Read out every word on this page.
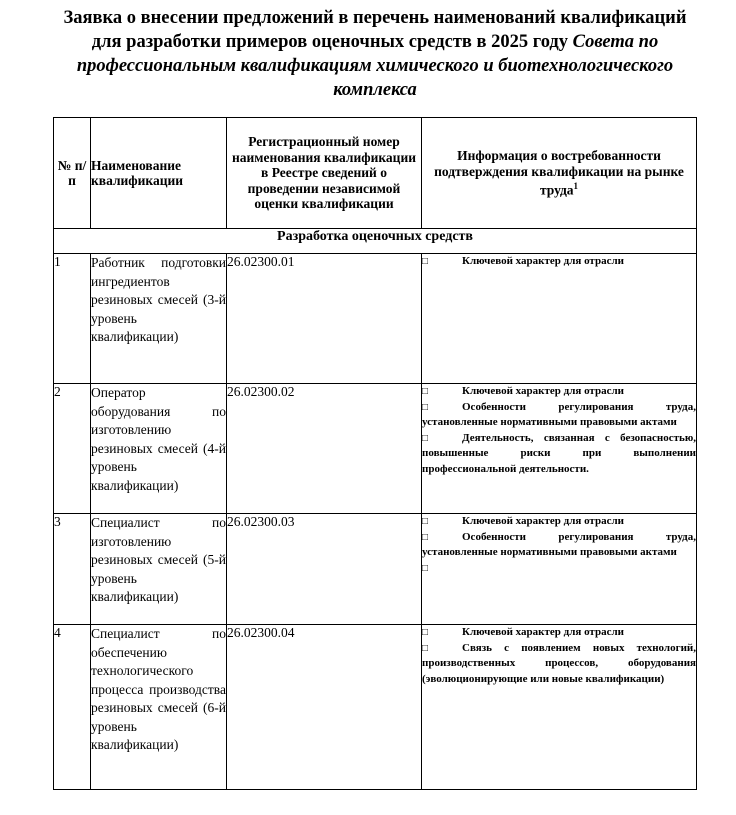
Заявка о внесении предложений в перечень наименований квалификаций
для разработки примеров оценочных средств в 2025 году Совета по
профессиональным квалификациям химического и биотехнологического
комплекса
№ п/п	Наименование квалификации	Регистрационный номер наименования квалификации в Реестре сведений о проведении независимой оценки квалификации	Информация о востребованности подтверждения квалификации на рынке труда$^1$
Разработка оценочных средств			
1	Работник подготовки ингредиентов резиновых смесей (3-й уровень квалификации)	26.02300.01	□ Ключевой характер для отрасли

2	Оператор оборудования по изготовлению резиновых смесей (4-й уровень квалификации)	26.02300.02	□ Ключевой характер для отрасли
□ Особенности регулирования труда, установленные нормативными правовыми актами
□ Деятельность, связанная с безопасностью, повышенные риски при выполнении профессиональной деятельности.

3	Специалист по изготовлению резиновых смесей (5-й уровень квалификации)	26.02300.03	□ Ключевой характер для отрасли
□ Особенности регулирования труда, установленные нормативными правовыми актами
□

4	Специалист по обеспечению технологического процесса производства резиновых смесей (6-й уровень квалификации)	26.02300.04	□ Ключевой характер для отрасли
□ Связь с появлением новых технологий, производственных процессов, оборудования (эволюционирующие или новые квалификации)
